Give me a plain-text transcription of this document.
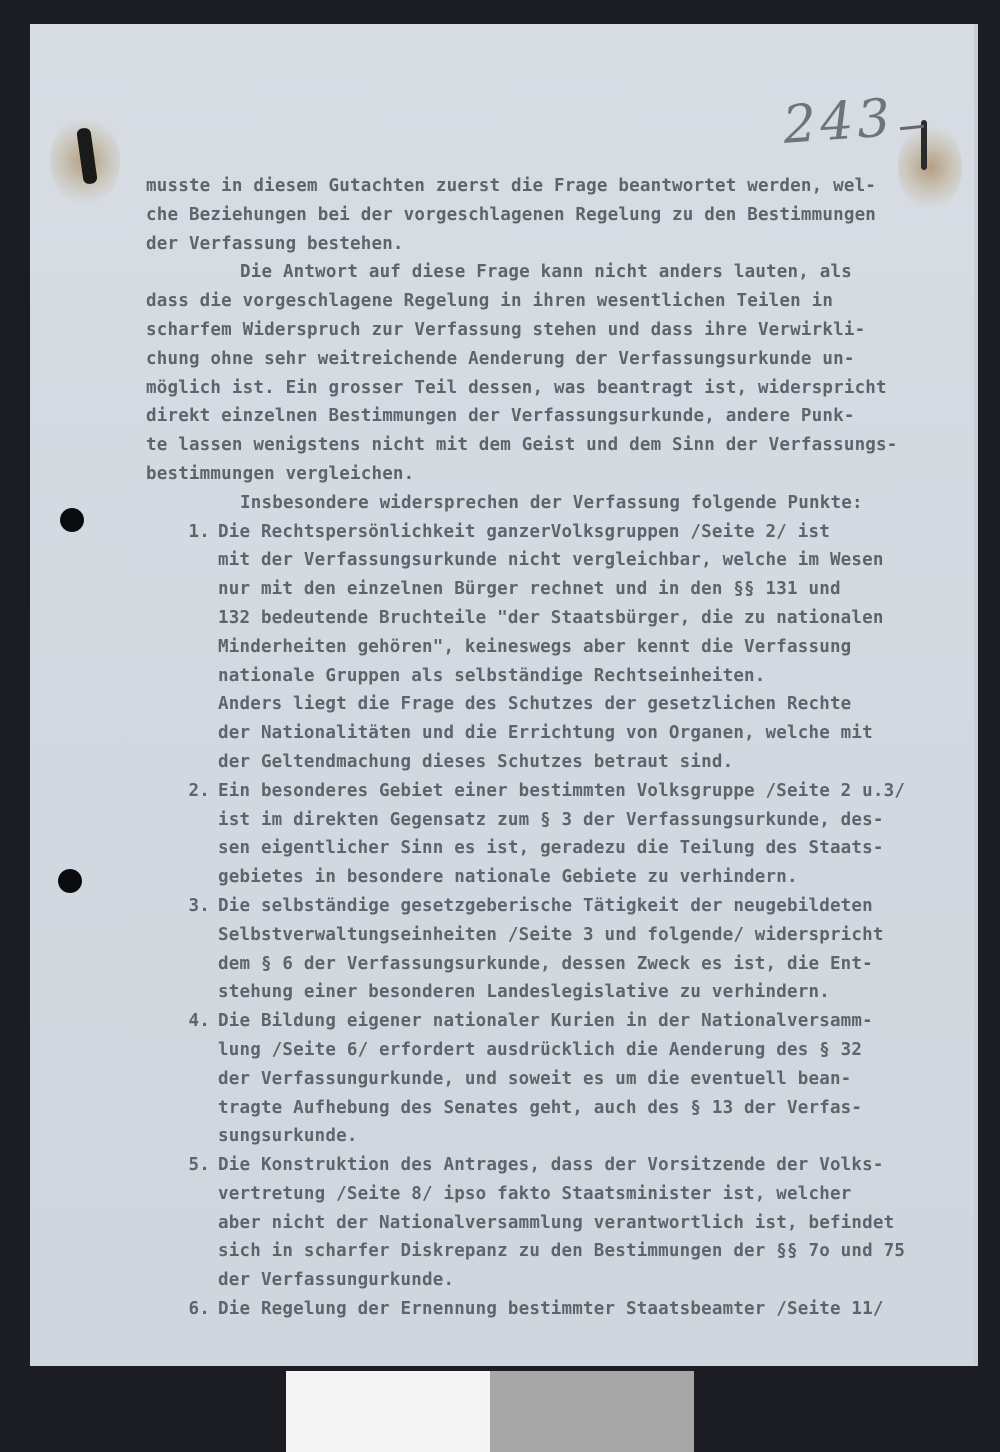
243
musste in diesem Gutachten zuerst die Frage beantwortet werden, wel-
che Beziehungen bei der vorgeschlagenen Regelung zu den Bestimmungen
der Verfassung bestehen.
Die Antwort auf diese Frage kann nicht anders lauten, als
dass die vorgeschlagene Regelung in ihren wesentlichen Teilen in
scharfem Widerspruch zur Verfassung stehen und dass ihre Verwirkli-
chung ohne sehr weitreichende Aenderung der Verfassungsurkunde un-
möglich ist. Ein grosser Teil dessen, was beantragt ist, widerspricht
direkt einzelnen Bestimmungen der Verfassungsurkunde, andere Punk-
te lassen wenigstens nicht mit dem Geist und dem Sinn der Verfassungs-
bestimmungen vergleichen.
Insbesondere widersprechen der Verfassung folgende Punkte:
1. Die Rechtspersönlichkeit ganzerVolksgruppen /Seite 2/ ist
mit der Verfassungsurkunde nicht vergleichbar, welche im Wesen
nur mit den einzelnen Bürger rechnet und in den §§ 131 und
132 bedeutende Bruchteile "der Staatsbürger, die zu nationalen
Minderheiten gehören", keineswegs aber kennt die Verfassung
nationale Gruppen als selbständige Rechtseinheiten.
Anders liegt die Frage des Schutzes der gesetzlichen Rechte
der Nationalitäten und die Errichtung von Organen, welche mit
der Geltendmachung dieses Schutzes betraut sind.
2. Ein besonderes Gebiet einer bestimmten Volksgruppe /Seite 2 u.3/
ist im direkten Gegensatz zum § 3 der Verfassungsurkunde, des-
sen eigentlicher Sinn es ist, geradezu die Teilung des Staats-
gebietes in besondere nationale Gebiete zu verhindern.
3. Die selbständige gesetzgeberische Tätigkeit der neugebildeten
Selbstverwaltungseinheiten /Seite 3 und folgende/ widerspricht
dem § 6 der Verfassungsurkunde, dessen Zweck es ist, die Ent-
stehung einer besonderen Landeslegislative zu verhindern.
4. Die Bildung eigener nationaler Kurien in der Nationalversamm-
lung /Seite 6/ erfordert ausdrücklich die Aenderung des § 32
der Verfassungurkunde, und soweit es um die eventuell bean-
tragte Aufhebung des Senates geht, auch des § 13 der Verfas-
sungsurkunde.
5. Die Konstruktion des Antrages, dass der Vorsitzende der Volks-
vertretung /Seite 8/ ipso fakto Staatsminister ist, welcher
aber nicht der Nationalversammlung verantwortlich ist, befindet
sich in scharfer Diskrepanz zu den Bestimmungen der §§ 7o und 75
der Verfassungurkunde.
6. Die Regelung der Ernennung bestimmter Staatsbeamter /Seite 11/
